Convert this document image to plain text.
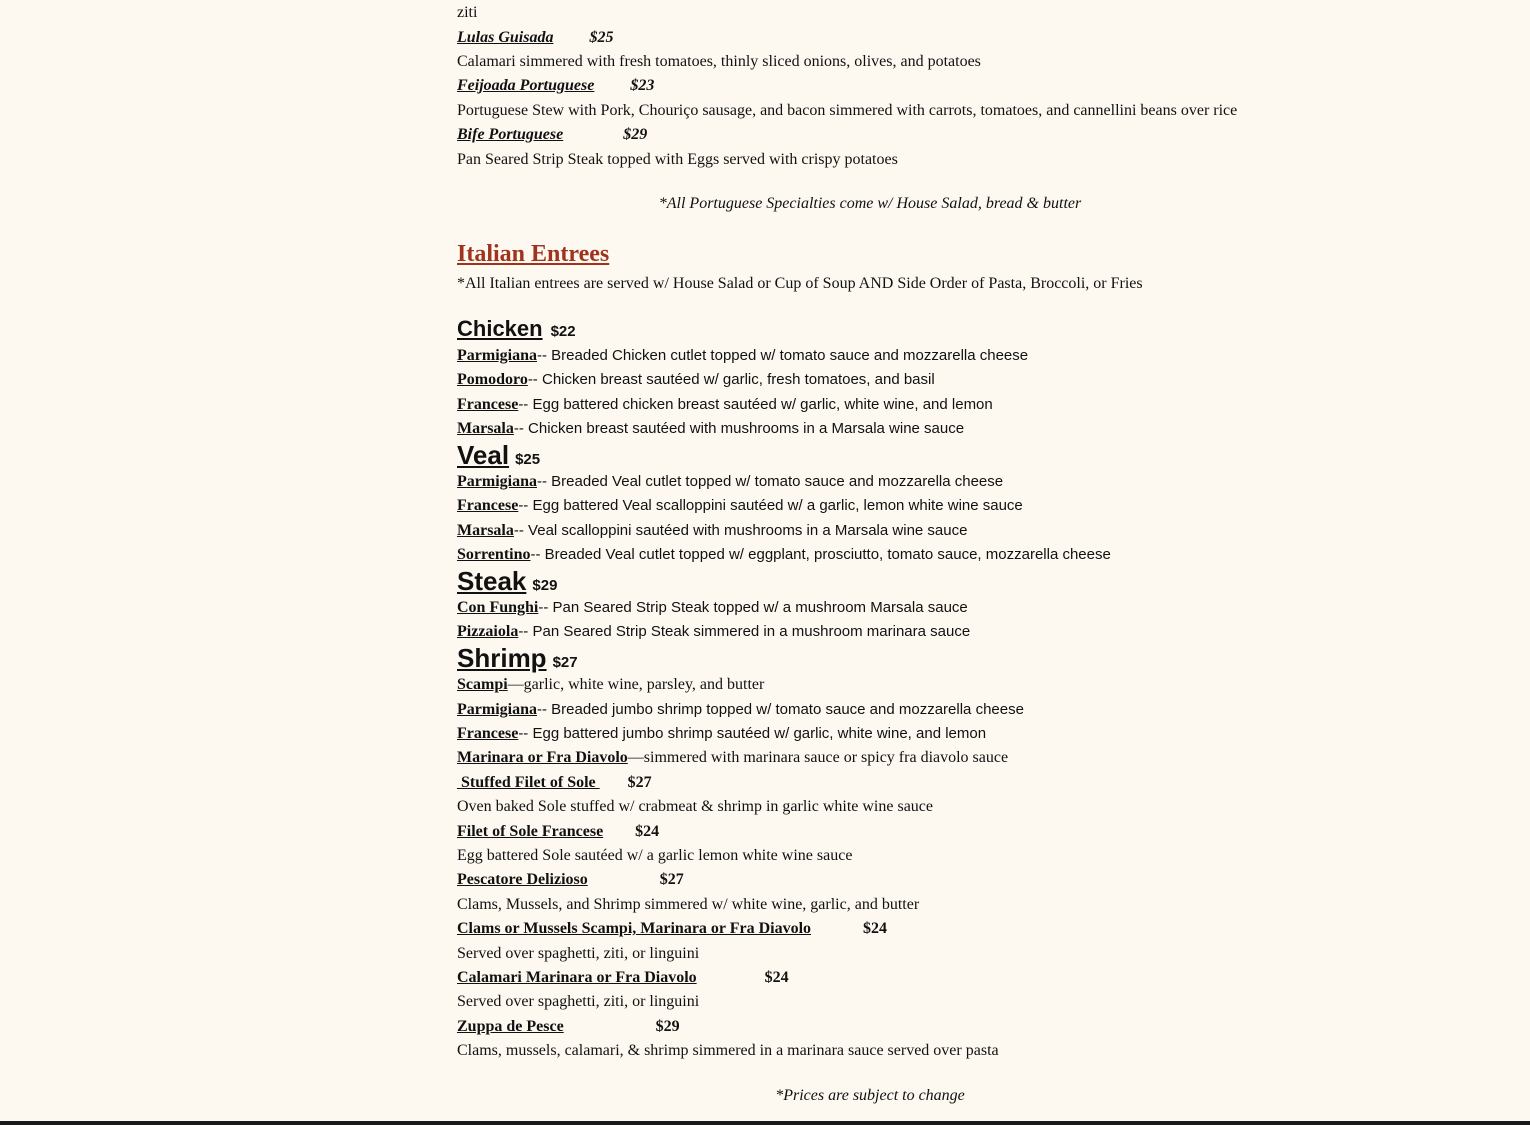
ziti
Lulas Guisada $25
Calamari simmered with fresh tomatoes, thinly sliced onions, olives, and potatoes
Feijoada Portuguese $23
Portuguese Stew with Pork, Chouriço sausage, and bacon simmered with carrots, tomatoes, and cannellini beans over rice
Bife Portuguese	$29
Pan Seared Strip Steak topped with Eggs served with crispy potatoes
*All Portuguese Specialties come w/ House Salad, bread & butter
Italian Entrees
*All Italian entrees are served w/ House Salad or Cup of Soup AND Side Order of Pasta, Broccoli, or Fries
Chicken $22
Parmigiana-- Breaded Chicken cutlet topped w/ tomato sauce and mozzarella cheese
Pomodoro-- Chicken breast sautéed w/ garlic, fresh tomatoes, and basil
Francese-- Egg battered chicken breast sautéed w/ garlic, white wine, and lemon
Marsala-- Chicken breast sautéed with mushrooms in a Marsala wine sauce
Veal $25
Parmigiana-- Breaded Veal cutlet topped w/ tomato sauce and mozzarella cheese
Francese-- Egg battered Veal scalloppini sautéed w/ a garlic, lemon white wine sauce
Marsala-- Veal scalloppini sautéed with mushrooms in a Marsala wine sauce
Sorrentino-- Breaded Veal cutlet topped w/ eggplant, prosciutto, tomato sauce, mozzarella cheese
Steak $29
Con Funghi-- Pan Seared Strip Steak topped w/ a mushroom Marsala sauce
Pizzaiola-- Pan Seared Strip Steak simmered in a mushroom marinara sauce
Shrimp $27
Scampi—garlic, white wine, parsley, and butter
Parmigiana-- Breaded jumbo shrimp topped w/ tomato sauce and mozzarella cheese
Francese-- Egg battered jumbo shrimp sautéed w/ garlic, white wine, and lemon
Marinara or Fra Diavolo—simmered with marinara sauce or spicy fra diavolo sauce
Stuffed Filet of Sole  $27
Oven baked Sole stuffed w/ crabmeat & shrimp in garlic white wine sauce
Filet of Sole Francese $24
Egg battered Sole sautéed w/ a garlic lemon white wine sauce
Pescatore Delizioso	$27
Clams, Mussels, and Shrimp simmered w/ white wine, garlic, and butter
Clams or Mussels Scampi, Marinara or Fra Diavolo	$24
Served over spaghetti, ziti, or linguini
Calamari Marinara or Fra Diavolo	$24
Served over spaghetti, ziti, or linguini
Zuppa de Pesce	$29
Clams, mussels, calamari, & shrimp simmered in a marinara sauce served over pasta
*Prices are subject to change
